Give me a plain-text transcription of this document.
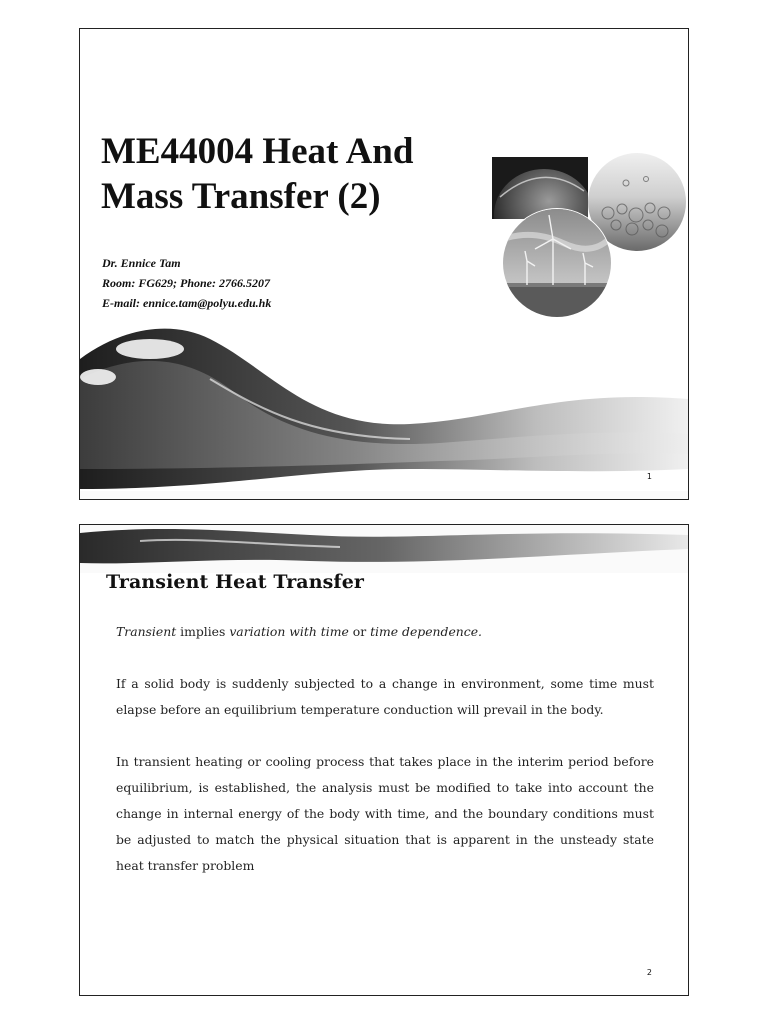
ME44004 Heat And
Mass Transfer (2)
Dr. Ennice Tam
Room: FG629; Phone: 2766.5207
E-mail: ennice.tam@polyu.edu.hk
1
Transient Heat Transfer

Transient implies variation with time or time dependence.

If a solid body is suddenly subjected to a change in environment, some time must elapse before an equilibrium temperature conduction will prevail in the body.

In transient heating or cooling process that takes place in the interim period before equilibrium, is established, the analysis must be modified to take into account the change in internal energy of the body with time, and the boundary conditions must be adjusted to match the physical situation that is apparent in the unsteady state heat transfer problem

2
